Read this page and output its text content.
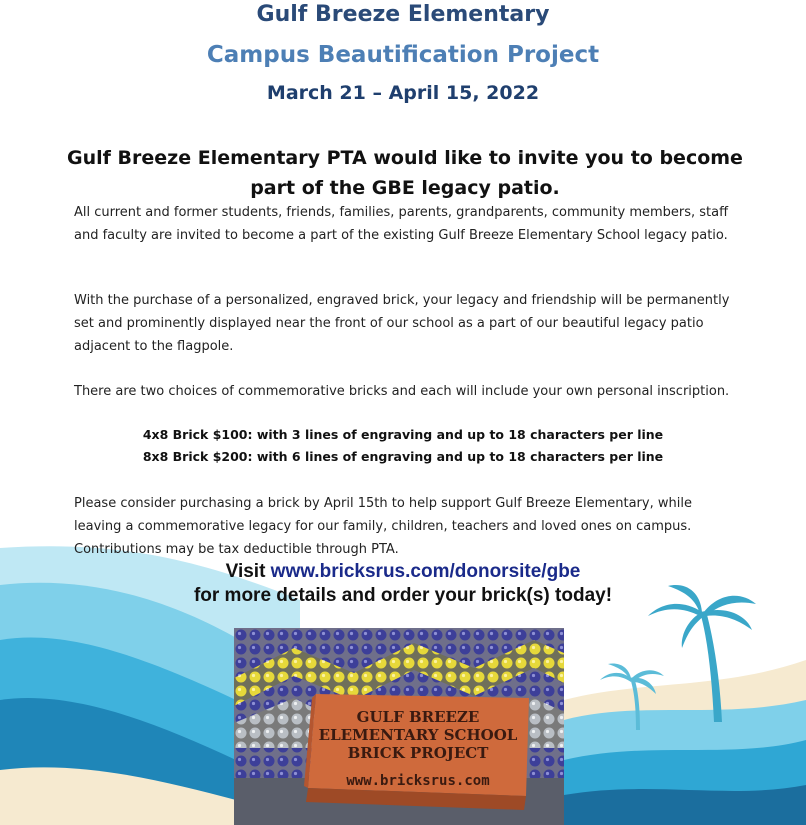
Gulf Breeze Elementary
Campus Beautification Project
March 21 – April 15, 2022
Gulf Breeze Elementary PTA would like to invite you to become
part of the GBE legacy patio.

All current and former students, friends, families, parents, grandparents, community members, staff and faculty are invited to become a part of the existing Gulf Breeze Elementary School legacy patio.

With the purchase of a personalized, engraved brick, your legacy and friendship will be permanently set and prominently displayed near the front of our school as a part of our beautiful legacy patio adjacent to the flagpole.

There are two choices of commemorative bricks and each will include your own personal inscription.

4x8 Brick $100: with 3 lines of engraving and up to 18 characters per line
8x8 Brick $200: with 6 lines of engraving and up to 18 characters per line

Please consider purchasing a brick by April 15th to help support Gulf Breeze Elementary, while leaving a commemorative legacy for our family, children, teachers and loved ones on campus. Contributions may be tax deductible through PTA.

Visit www.bricksrus.com/donorsite/gbe
for more details and order your brick(s) today!
GULF BREEZE
ELEMENTARY SCHOOL
BRICK PROJECT
www.bricksrus.com
